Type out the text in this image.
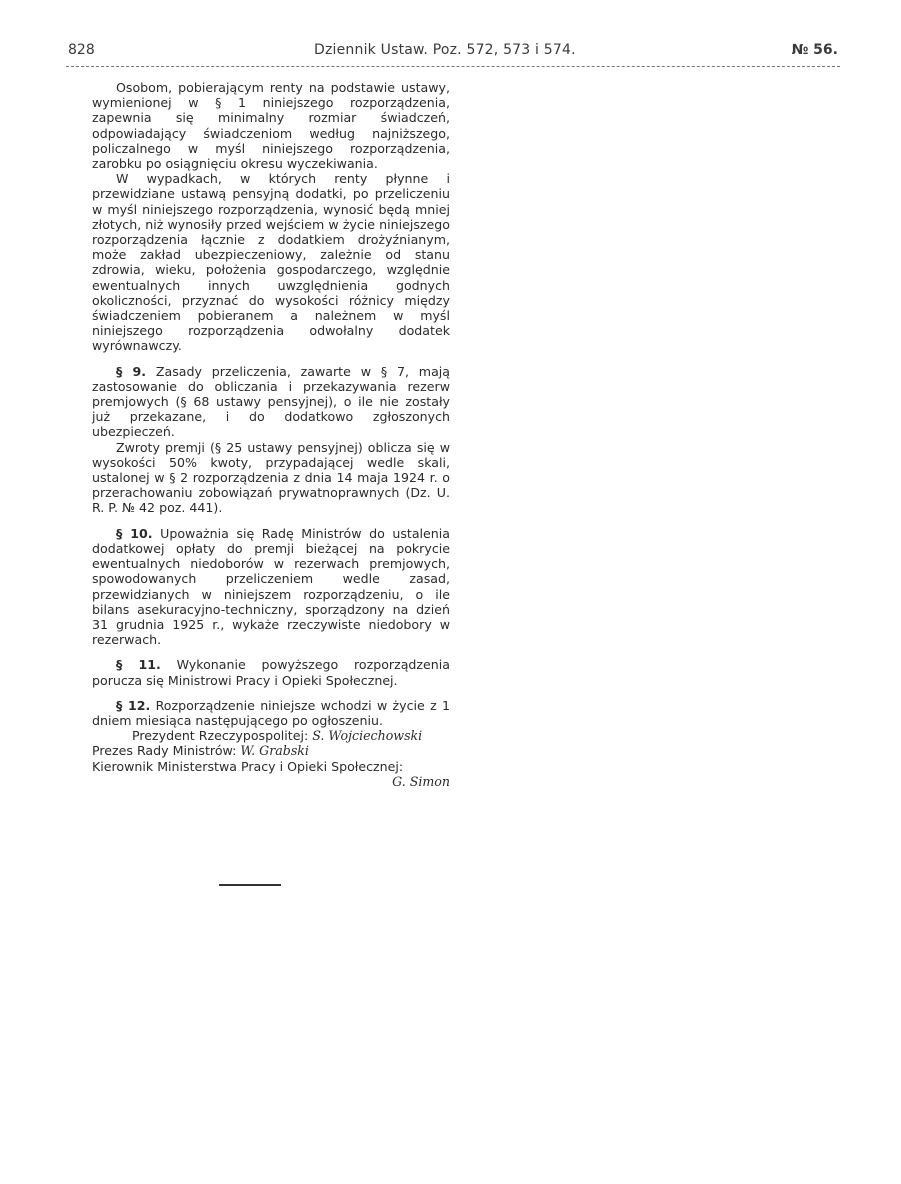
828	Dziennik Ustaw. Poz. 572, 573 i 574.	№ 56.

Osobom, pobierającym renty na podstawie ustawy, wymienionej w § 1 niniejszego rozporządzenia, zapewnia się minimalny rozmiar świadczeń, odpowiadający świadczeniom według najniższego, policzalnego w myśl niniejszego rozporządzenia, zarobku po osiągnięciu okresu wyczekiwania.

W wypadkach, w których renty płynne i przewidziane ustawą pensyjną dodatki, po przeliczeniu w myśl niniejszego rozporządzenia, wynosić będą mniej złotych, niż wynosiły przed wejściem w życie niniejszego rozporządzenia łącznie z dodatkiem drożyźnianym, może zakład ubezpieczeniowy, zależnie od stanu zdrowia, wieku, położenia gospodarczego, względnie ewentualnych innych uwzględnienia godnych okoliczności, przyznać do wysokości różnicy między świadczeniem pobieranem a należnem w myśl niniejszego rozporządzenia odwołalny dodatek wyrównawczy.

§ 9. Zasady przeliczenia, zawarte w § 7, mają zastosowanie do obliczania i przekazywania rezerw premjowych (§ 68 ustawy pensyjnej), o ile nie zostały już przekazane, i do dodatkowo zgłoszonych ubezpieczeń.

Zwroty premji (§ 25 ustawy pensyjnej) oblicza się w wysokości 50% kwoty, przypadającej wedle skali, ustalonej w § 2 rozporządzenia z dnia 14 maja 1924 r. o przerachowaniu zobowiązań prywatnoprawnych (Dz. U. R. P. № 42 poz. 441).

§ 10. Upoważnia się Radę Ministrów do ustalenia dodatkowej opłaty do premji bieżącej na pokrycie ewentualnych niedoborów w rezerwach premjowych, spowodowanych przeliczeniem wedle zasad, przewidzianych w niniejszem rozporządzeniu, o ile bilans asekuracyjno-techniczny, sporządzony na dzień 31 grudnia 1925 r., wykaże rzeczywiste niedobory w rezerwach.

§ 11. Wykonanie powyższego rozporządzenia porucza się Ministrowi Pracy i Opieki Społecznej.

§ 12. Rozporządzenie niniejsze wchodzi w życie z 1 dniem miesiąca następującego po ogłoszeniu.

Prezydent Rzeczypospolitej: S. Wojciechowski

Prezes Rady Ministrów: W. Grabski

Kierownik Ministerstwa Pracy i Opieki Społecznej:

G. Simon
